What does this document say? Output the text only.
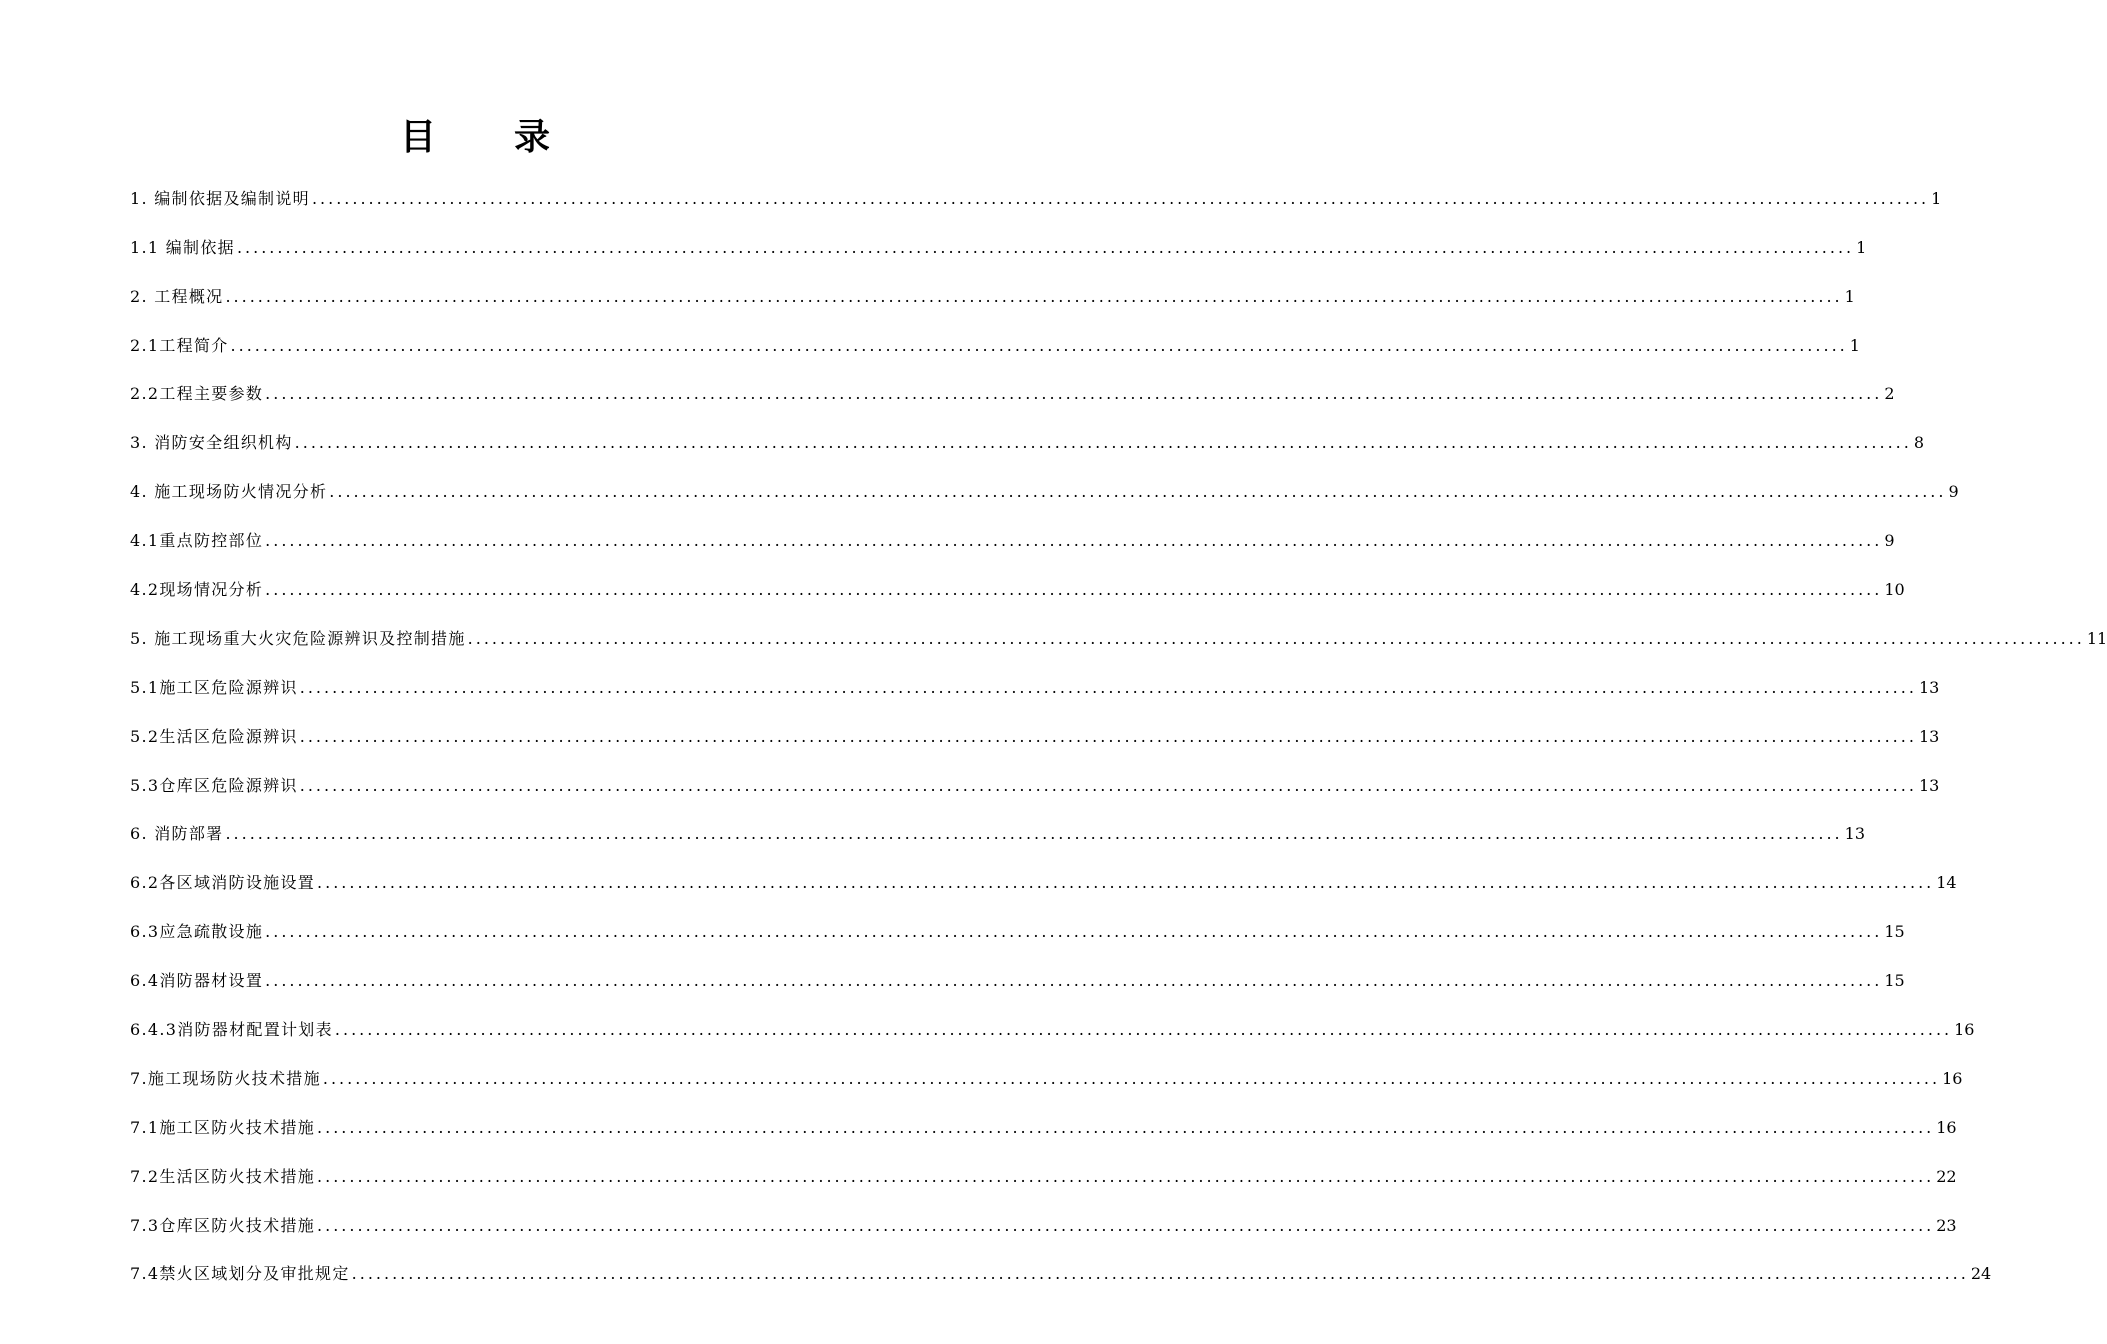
目录
1. 编制依据及编制说明 ........................................................................................................................................................................................................ 1
1.1 编制依据 ........................................................................................................................................................................................................ 1
2. 工程概况 ........................................................................................................................................................................................................ 1
2.1工程简介 ........................................................................................................................................................................................................ 1
2.2工程主要参数 ........................................................................................................................................................................................................ 2
3. 消防安全组织机构 ........................................................................................................................................................................................................ 8
4. 施工现场防火情况分析 ........................................................................................................................................................................................................ 9
4.1重点防控部位 ........................................................................................................................................................................................................ 9
4.2现场情况分析 ........................................................................................................................................................................................................ 10
5. 施工现场重大火灾危险源辨识及控制措施 ........................................................................................................................................................................................................ 11
5.1施工区危险源辨识 ........................................................................................................................................................................................................ 13
5.2生活区危险源辨识 ........................................................................................................................................................................................................ 13
5.3仓库区危险源辨识 ........................................................................................................................................................................................................ 13
6. 消防部署 ........................................................................................................................................................................................................ 13
6.2各区域消防设施设置 ........................................................................................................................................................................................................ 14
6.3应急疏散设施 ........................................................................................................................................................................................................ 15
6.4消防器材设置 ........................................................................................................................................................................................................ 15
6.4.3消防器材配置计划表 ........................................................................................................................................................................................................ 16
7.施工现场防火技术措施 ........................................................................................................................................................................................................ 16
7.1施工区防火技术措施 ........................................................................................................................................................................................................ 16
7.2生活区防火技术措施 ........................................................................................................................................................................................................ 22
7.3仓库区防火技术措施 ........................................................................................................................................................................................................ 23
7.4禁火区域划分及审批规定 ........................................................................................................................................................................................................ 24
